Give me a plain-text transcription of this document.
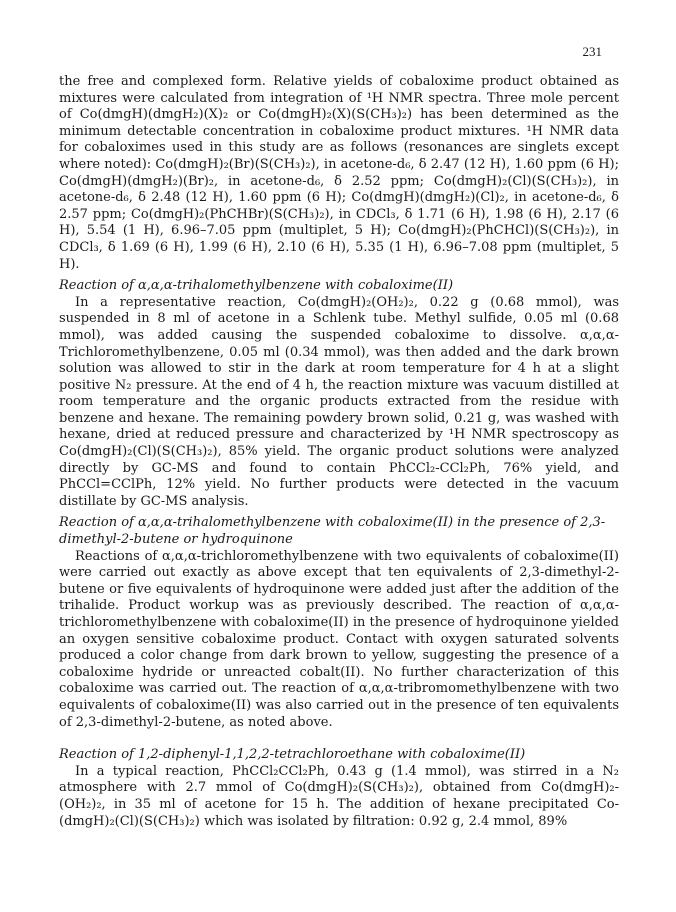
231

the free and complexed form. Relative yields of cobaloxime product obtained as mixtures were calculated from integration of ¹H NMR spectra. Three mole percent of Co(dmgH)(dmgH₂)(X)₂ or Co(dmgH)₂(X)(S(CH₃)₂) has been determined as the minimum detectable concentration in cobaloxime product mixtures. ¹H NMR data for cobaloximes used in this study are as follows (resonances are singlets except where noted): Co(dmgH)₂(Br)(S(CH₃)₂), in acetone-d₆, δ 2.47 (12 H), 1.60 ppm (6 H); Co(dmgH)(dmgH₂)(Br)₂, in acetone-d₆, δ 2.52 ppm; Co(dmgH)₂(Cl)(S(CH₃)₂), in acetone-d₆, δ 2.48 (12 H), 1.60 ppm (6 H); Co(dmgH)(dmgH₂)(Cl)₂, in acetone-d₆, δ 2.57 ppm; Co(dmgH)₂(PhCHBr)(S(CH₃)₂), in CDCl₃, δ 1.71 (6 H), 1.98 (6 H), 2.17 (6 H), 5.54 (1 H), 6.96–7.05 ppm (multiplet, 5 H); Co(dmgH)₂(PhCHCl)(S(CH₃)₂), in CDCl₃, δ 1.69 (6 H), 1.99 (6 H), 2.10 (6 H), 5.35 (1 H), 6.96–7.08 ppm (multiplet, 5 H).

Reaction of α,α,α-trihalomethylbenzene with cobaloxime(II)

In a representative reaction, Co(dmgH)₂(OH₂)₂, 0.22 g (0.68 mmol), was suspended in 8 ml of acetone in a Schlenk tube. Methyl sulfide, 0.05 ml (0.68 mmol), was added causing the suspended cobaloxime to dissolve. α,α,α-Trichloromethylbenzene, 0.05 ml (0.34 mmol), was then added and the dark brown solution was allowed to stir in the dark at room temperature for 4 h at a slight positive N₂ pressure. At the end of 4 h, the reaction mixture was vacuum distilled at room temperature and the organic products extracted from the residue with benzene and hexane. The remaining powdery brown solid, 0.21 g, was washed with hexane, dried at reduced pressure and characterized by ¹H NMR spectroscopy as Co(dmgH)₂(Cl)(S(CH₃)₂), 85% yield. The organic product solutions were analyzed directly by GC-MS and found to contain PhCCl₂-CCl₂Ph, 76% yield, and PhCCl=CClPh, 12% yield. No further products were detected in the vacuum distillate by GC-MS analysis.

Reaction of α,α,α-trihalomethylbenzene with cobaloxime(II) in the presence of 2,3-dimethyl-2-butene or hydroquinone

Reactions of α,α,α-trichloromethylbenzene with two equivalents of cobaloxime(II) were carried out exactly as above except that ten equivalents of 2,3-dimethyl-2-butene or five equivalents of hydroquinone were added just after the addition of the trihalide. Product workup was as previously described. The reaction of α,α,α-trichloromethylbenzene with cobaloxime(II) in the presence of hydroquinone yielded an oxygen sensitive cobaloxime product. Contact with oxygen saturated solvents produced a color change from dark brown to yellow, suggesting the presence of a cobaloxime hydride or unreacted cobalt(II). No further characterization of this cobaloxime was carried out. The reaction of α,α,α-tribromomethylbenzene with two equivalents of cobaloxime(II) was also carried out in the presence of ten equivalents of 2,3-dimethyl-2-butene, as noted above.

Reaction of 1,2-diphenyl-1,1,2,2-tetrachloroethane with cobaloxime(II)

In a typical reaction, PhCCl₂CCl₂Ph, 0.43 g (1.4 mmol), was stirred in a N₂ atmosphere with 2.7 mmol of Co(dmgH)₂(S(CH₃)₂), obtained from Co(dmgH)₂-(OH₂)₂, in 35 ml of acetone for 15 h. The addition of hexane precipitated Co-(dmgH)₂(Cl)(S(CH₃)₂) which was isolated by filtration: 0.92 g, 2.4 mmol, 89%
